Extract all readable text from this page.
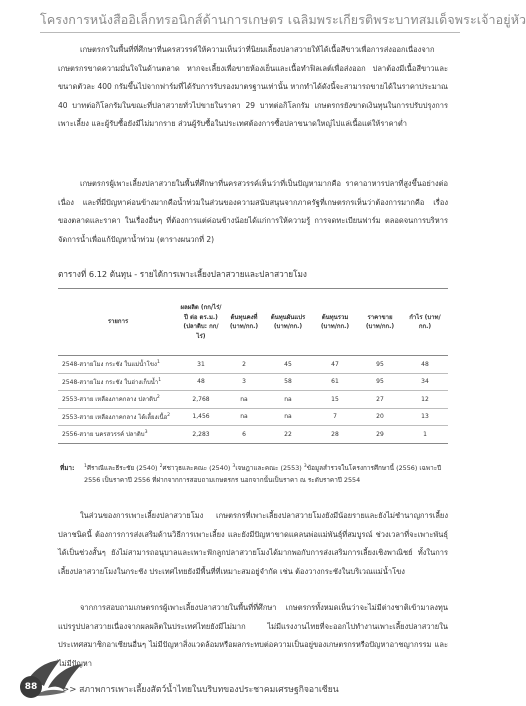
โครงการหนังสืออิเล็กทรอนิกส์ด้านการเกษตร เฉลิมพระเกียรติพระบาทสมเด็จพระเจ้าอยู่หัว

เกษตรกรในพื้นที่ที่ศึกษาที่นครสวรรค์ให้ความเห็นว่าที่นิยมเลี้ยงปลาสวายให้ได้เนื้อสีขาวเพื่อการส่งออกเนื่องจากเกษตรกรขาดความมั่นใจในด้านตลาด หากจะเลี้ยงเพื่อขายห้องเย็นและเนื้อทำฟิลเลต์เพื่อส่งออก ปลาต้องมีเนื้อสีขาวและขนาดตัวละ 400 กรัมขึ้นไปจากฟาร์มที่ได้รับการรับรองมาตรฐานเท่านั้น หากทำได้ดังนี้จะสามารถขายได้ในราคาประมาณ 40 บาทต่อกิโลกรัมในขณะที่ปลาสวายทั่วไปขายในราคา 29 บาทต่อกิโลกรัม เกษตรกรยังขาดเงินทุนในการปรับปรุงการเพาะเลี้ยง และผู้รับซื้อยังมีไม่มากราย ส่วนผู้รับซื้อในประเทศต้องการซื้อปลาขนาดใหญ่ไปแล่เนื้อแต่ให้ราคาต่ำ

เกษตรกรผู้เพาะเลี้ยงปลาสวายในพื้นที่ศึกษาที่นครสวรรค์เห็นว่าที่เป็นปัญหามากคือ ราคาอาหารปลาที่สูงขึ้นอย่างต่อเนื่อง และที่มีปัญหาค่อนข้างมากคือน้ำท่วมในส่วนของความสนับสนุนจากภาครัฐที่เกษตรกรเห็นว่าต้องการมากคือ เรื่องของตลาดและราคา ในเรื่องอื่นๆ ที่ต้องการแต่ค่อนข้างน้อยได้แก่การให้ความรู้ การจดทะเบียนฟาร์ม ตลอดจนการบริหารจัดการน้ำเพื่อแก้ปัญหาน้ำท่วม (ตารางผนวกที่ 2)

ตารางที่ 6.12 ต้นทุน - รายได้การเพาะเลี้ยงปลาสวายและปลาสวายโมง
รายการ	ผลผลิต (กก/ไร่/ปี ต่อ ตร.ม.) (ปลาดิบ: กก/ไร่)	ต้นทุนคงที่ (บาท/กก.)	ต้นทุนผันแปร (บาท/กก.)	ต้นทุนรวม (บาท/กก.)	ราคาขาย (บาท/กก.)	กำไร (บาท/กก.)
2548-สวายโมง กระชัง ในแม่น้ำโขง$^1$	31	2	45	47	95	48
2548-สวายโมง กระชัง ในอ่างเก็บน้ำ$^1$	48	3	58	61	95	34
2553-สวาย เหลืองภาคกลาง ปลาดิบ$^2$	2,768	na	na	15	27	12
2553-สวาย เหลืองภาคกลาง ได้เลี้ยงเนื้อ$^2$	1,456	na	na	7	20	13
2556-สวาย นครสวรรค์ ปลาดิบ$^3$	2,283	6	22	28	29	1
ที่มา: $^1$ศีราณีและธีระชัย (2540) $^2$ศชาวุธและคณะ (2540) $^3$เจษฎาและคณะ (2553) $^3$ข้อมูลสำรวจในโครงการศึกษานี้ (2556) เฉพาะปี 2556 เป็นราคาปี 2556 ที่ฝากจากการสอบถามเกษตรกร นอกจากนั้นเป็นราคา ณ ระดับราคาปี 2554

ในส่วนของการเพาะเลี้ยงปลาสวายโมง เกษตรกรที่เพาะเลี้ยงปลาสวายโมงยังมีน้อยรายและยังไม่ชำนาญการเลี้ยงปลาชนิดนี้ ต้องการการส่งเสริมด้านวิธีการเพาะเลี้ยง และยังมีปัญหาขาดแคลนพ่อแม่พันธุ์ที่สมบูรณ์ ช่วงเวลาที่จะเพาะพันธุ์ได้เป็นช่วงสั้นๆ ยังไม่สามารถอนุบาลและเพาะฟักลูกปลาสวายโมงได้มากพอกับการส่งเสริมการเลี้ยงเชิงพาณิชย์ ทั้งในการเลี้ยงปลาสวายโมงในกระชัง ประเทศไทยยังมีพื้นที่ที่เหมาะสมอยู่จำกัด เช่น ต้องวางกระชังในบริเวณแม่น้ำโขง

จากการสอบถามเกษตรกรผู้เพาะเลี้ยงปลาสวายในพื้นที่ที่ศึกษา เกษตรกรทั้งหมดเห็นว่าจะไม่มีต่างชาติเข้ามาลงทุนแปรรูปปลาสวายเนื่องจากผลผลิตในประเทศไทยยังมีไม่มาก ไม่มีแรงงานไทยที่จะออกไปทำงานเพาะเลี้ยงปลาสวายในประเทศสมาชิกอาเซียนอื่นๆ ไม่มีปัญหาสิ่งแวดล้อมหรือผลกระทบต่อความเป็นอยู่ของเกษตรกรหรือปัญหาอาชญากรรม และไม่มีปัญหา

88	>> สภาพการเพาะเลี้ยงสัตว์น้ำไทยในบริบทของประชาคมเศรษฐกิจอาเซียน
